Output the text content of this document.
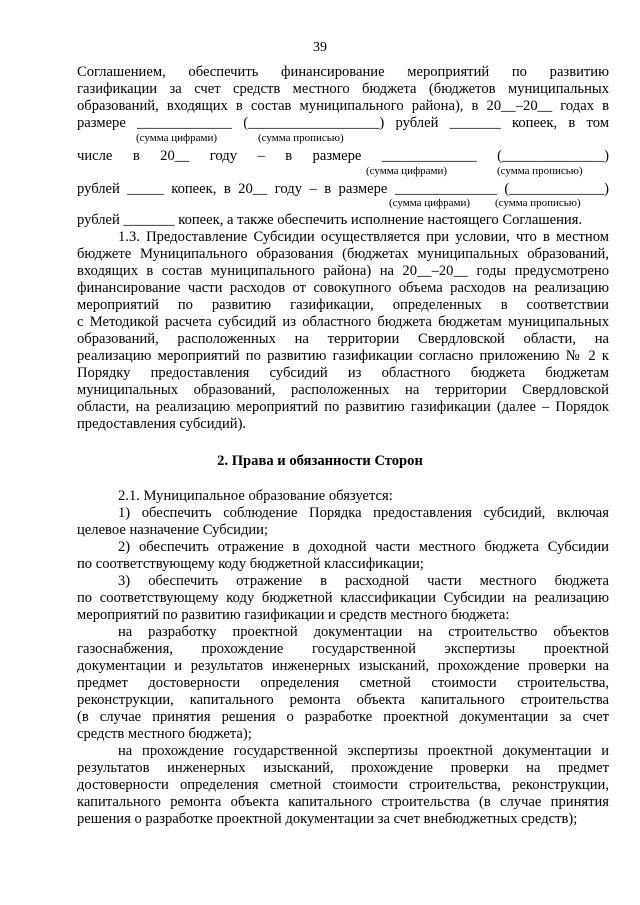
39
Соглашением, обеспечить финансирование мероприятий по развитию
газификации за счет средств местного бюджета (бюджетов муниципальных
образований, входящих в состав муниципального района), в 20__–20__ годах в
размере _____________ (__________________) рублей _______ копеек, в том
(сумма цифрами)	(сумма прописью)
числе в 20__ году – в размере _____________ (______________)
(сумма цифрами)	(сумма прописью)
рублей _____ копеек, в 20__ году – в размере ______________ (_____________)
(сумма цифрами) (сумма прописью)
рублей _______ копеек, а также обеспечить исполнение настоящего Соглашения.
1.3. Предоставление Субсидии осуществляется при условии, что в местном
бюджете Муниципального образования (бюджетах муниципальных образований,
входящих в состав муниципального района) на 20__–20__ годы предусмотрено
финансирование части расходов от совокупного объема расходов на реализацию
мероприятий по развитию газификации, определенных в соответствии
с Методикой расчета субсидий из областного бюджета бюджетам муниципальных
образований, расположенных на территории Свердловской области, на
реализацию мероприятий по развитию газификации согласно приложению № 2 к
Порядку предоставления субсидий из областного бюджета бюджетам
муниципальных образований, расположенных на территории Свердловской
области, на реализацию мероприятий по развитию газификации (далее – Порядок
предоставления субсидий).
2. Права и обязанности Сторон
2.1. Муниципальное образование обязуется:
1) обеспечить соблюдение Порядка предоставления субсидий, включая
целевое назначение Субсидии;
2) обеспечить отражение в доходной части местного бюджета Субсидии
по соответствующему коду бюджетной классификации;
3) обеспечить отражение в расходной части местного бюджета
по соответствующему коду бюджетной классификации Субсидии на реализацию
мероприятий по развитию газификации и средств местного бюджета:
на разработку проектной документации на строительство объектов
газоснабжения, прохождение государственной экспертизы проектной
документации и результатов инженерных изысканий, прохождение проверки на
предмет достоверности определения сметной стоимости строительства,
реконструкции, капитального ремонта объекта капитального строительства
(в случае принятия решения о разработке проектной документации за счет
средств местного бюджета);
на прохождение государственной экспертизы проектной документации и
результатов инженерных изысканий, прохождение проверки на предмет
достоверности определения сметной стоимости строительства, реконструкции,
капитального ремонта объекта капитального строительства (в случае принятия
решения о разработке проектной документации за счет внебюджетных средств);
